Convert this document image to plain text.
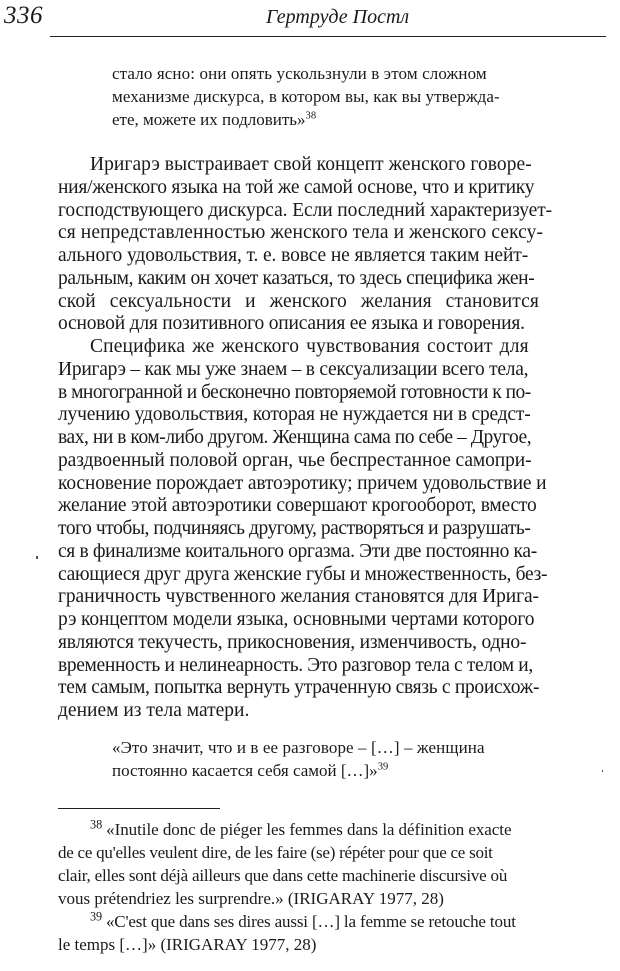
336	Гертруде Постл
стало ясно: они опять ускользнули в этом сложном
механизме дискурса, в котором вы, как вы утвержда-
ете, можете их подловить»$^{38}$
Иригарэ выстраивает свой концепт женского говоре-
ния/женского языка на той же самой основе, что и критику
господствующего дискурса. Если последний характеризует-
ся непредставленностью женского тела и женского сексу-
ального удовольствия, т. е. вовсе не является таким нейт-
ральным, каким он хочет казаться, то здесь специфика жен-
ской сексуальности и женского желания становится
основой для позитивного описания ее языка и говорения.
Специфика же женского чувствования состоит для
Иригарэ – как мы уже знаем – в сексуализации всего тела,
в многогранной и бесконечно повторяемой готовности к по-
лучению удовольствия, которая не нуждается ни в средст-
вах, ни в ком-либо другом. Женщина сама по себе – Другое,
раздвоенный половой орган, чье беспрестанное самопри-
косновение порождает автоэротику; причем удовольствие и
желание этой автоэротики совершают крогооборот, вместо
того чтобы, подчиняясь другому, растворяться и разрушать-
ся в финализме коитального оргазма. Эти две постоянно ка-
сающиеся друг друга женские губы и множественность, без-
граничность чувственного желания становятся для Ирига-
рэ концептом модели языка, основными чертами которого
являются текучесть, прикосновения, изменчивость, одно-
временность и нелинеарность. Это разговор тела с телом и,
тем самым, попытка вернуть утраченную связь с происхож-
дением из тела матери.
«Это значит, что и в ее разговоре – […] – женщина
постоянно касается себя самой […]»$^{39}$
$^{38}$ «Inutile donc de piéger les femmes dans la définition exacte
de ce qu'elles veulent dire, de les faire (se) répéter pour que ce soit
clair, elles sont déjà ailleurs que dans cette machinerie discursive où
vous prétendriez les surprendre.» (IRIGARAY 1977, 28)
$^{39}$ «C'est que dans ses dires aussi […] la femme se retouche tout
le temps […]» (IRIGARAY 1977, 28)
